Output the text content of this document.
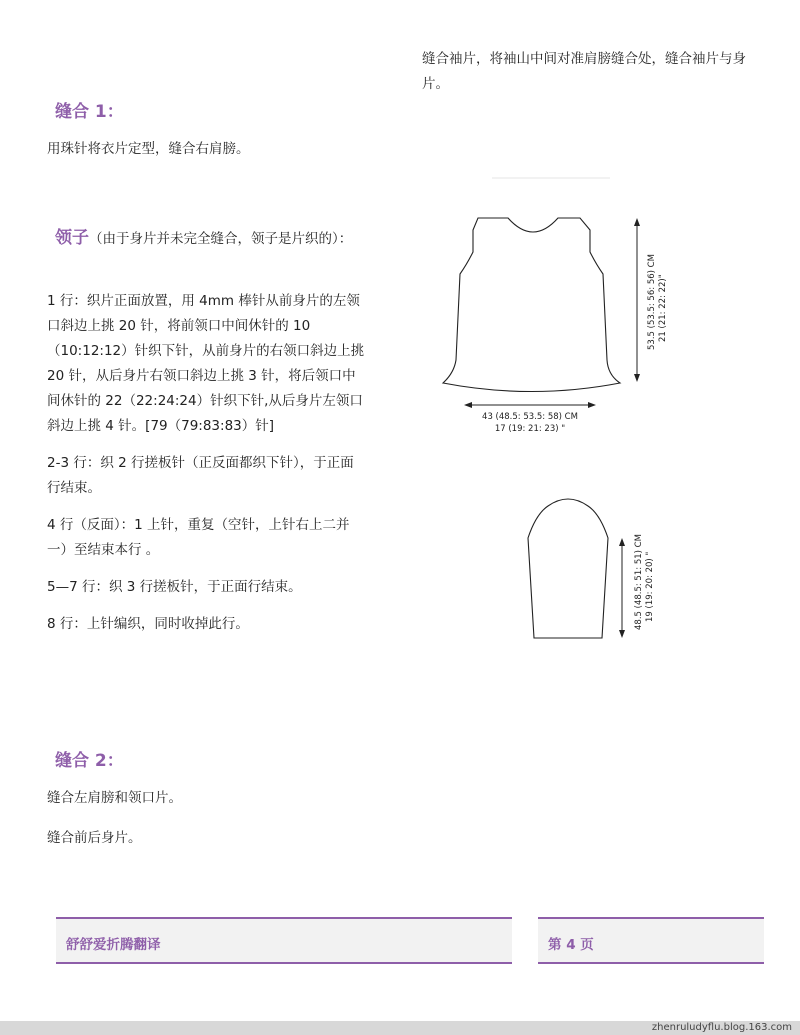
缝合袖片，将袖山中间对准肩膀缝合处，缝合袖片与身片。

缝合 1：
用珠针将衣片定型，缝合右肩膀。
领子（由于身片并未完全缝合，领子是片织的）：

1 行：织片正面放置，用 4mm 棒针从前身片的左领口斜边上挑 20 针，将前领口中间休针的 10（10:12:12）针织下针，从前身片的右领口斜边上挑 20 针，从后身片右领口斜边上挑 3 针，将后领口中间休针的 22（22:24:24）针织下针,从后身片左领口斜边上挑 4 针。[79（79:83:83）针]

2-3 行：织 2 行搓板针（正反面都织下针），于正面行结束。

4 行（反面）：1 上针，重复（空针，上针右上二并一）至结束本行 。

5—7 行：织 3 行搓板针，于正面行结束。

8 行：上针编织，同时收掉此行。

缝合 2：
缝合左肩膀和领口片。
缝合前后身片。
53.5 (53.5: 56: 56) CM 21 (21: 22: 22)"
43 (48.5: 53.5: 58) CM
17 (19: 21: 23) "
48.5 (48.5: 51: 51) CM 19 (19: 20: 20) "
舒舒爱折腾翻译	第 4 页
zhenruludyflu.blog.163.com
